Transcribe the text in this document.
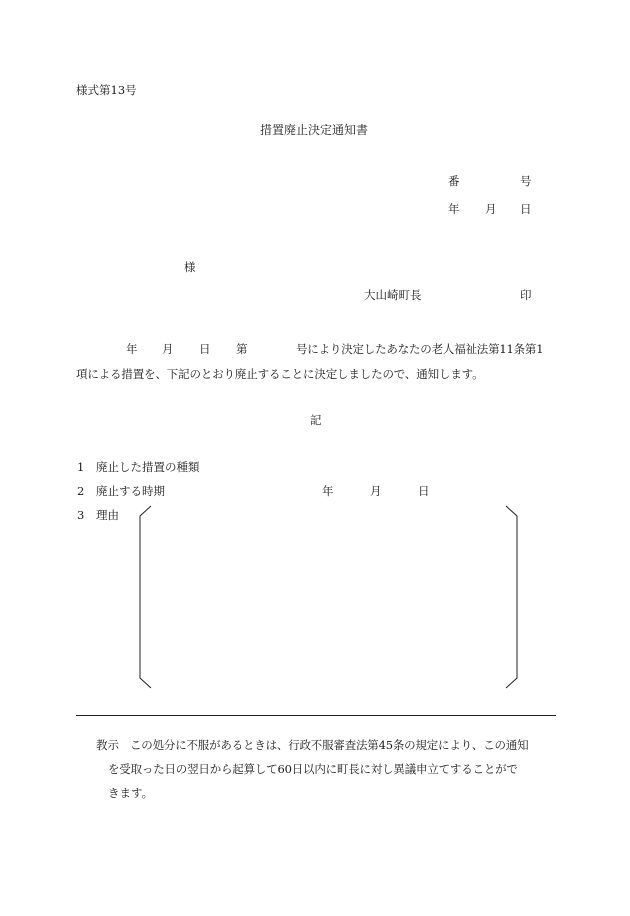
様式第13号
措置廃止決定通知書
番	号
年 月 日
様
大山崎町長	印
年 月 日 第	号により決定したあなたの老人福祉法第11条第1
項による措置を、下記のとおり廃止することに決定しましたので、通知します。
記
1 廃止した措置の種類
2 廃止する時期	年	月	日
3 理由
教示 この処分に不服があるときは、行政不服審査法第45条の規定により、この通知
を受取った日の翌日から起算して60日以内に町長に対し異議申立てすることがで
きます。
